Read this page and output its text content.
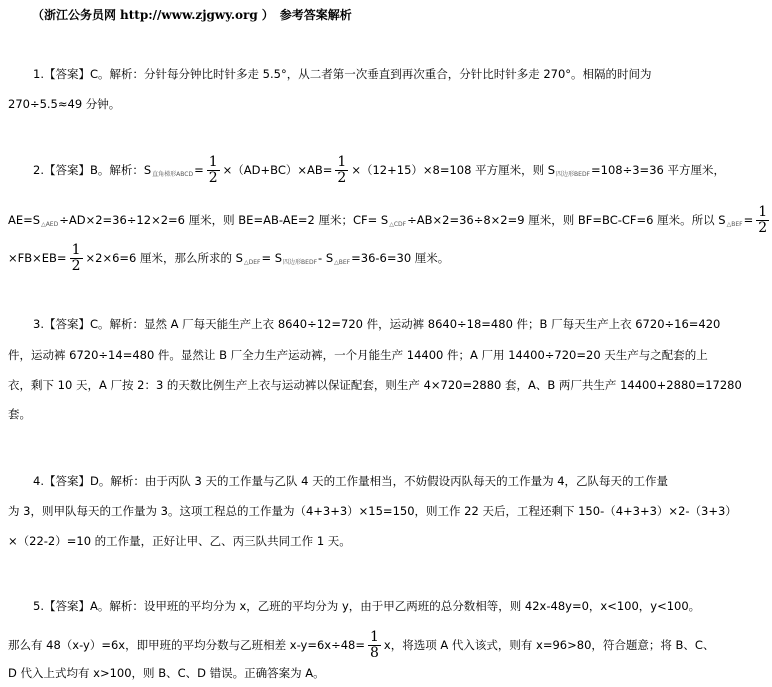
（浙江公务员网 http://www.zjgwy.org ） 参考答案解析
1.【答案】C。解析：分针每分钟比时针多走 5.5°，从二者第一次垂直到再次重合，分针比时针多走 270°。相隔的时间为
270÷5.5≈49 分钟。
2.【答案】B。解析：$S_{直角梯形ABCD}= \frac{1}{2} \times(AD+BC)\times AB= \frac{1}{2} \times(12+15)\times 8=108$ 平方厘米，则 $S_{四边形BEDF}=108\div 3=36$ 平方厘米，
$AE=S_{\triangle AED}\div AD\times 2=36\div 12\times 2=6$ 厘米，则 BE=AB-AE=2 厘米；$CF= S_{\triangle CDF}\div AB\times 2=36\div 8\times 2=9$ 厘米，则 BF=BC-CF=6 厘米。所以 $S_{\triangle BEF}= \frac{1}{2}$
$\times FB\times EB= \frac{1}{2} \times 2\times 6=6$ 厘米，那么所求的 $S_{\triangle DEF}= S_{四边形BEDF}-$ $S_{\triangle BEF}=36-6=30$ 厘米。
3.【答案】C。解析：显然 A 厂每天能生产上衣 8640÷12=720 件，运动裤 8640÷18=480 件；B 厂每天生产上衣 6720÷16=420
件，运动裤 6720÷14=480 件。显然让 B 厂全力生产运动裤，一个月能生产 14400 件；A 厂用 14400÷720=20 天生产与之配套的上
衣，剩下 10 天，A 厂按 2：3 的天数比例生产上衣与运动裤以保证配套，则生产 4×720=2880 套，A、B 两厂共生产 14400+2880=17280
套。
4.【答案】D。解析：由于丙队 3 天的工作量与乙队 4 天的工作量相当，不妨假设丙队每天的工作量为 4，乙队每天的工作量
为 3，则甲队每天的工作量为 3。这项工程总的工作量为（4+3+3）×15=150，则工作 22 天后，工程还剩下 150-（4+3+3）×2-（3+3）
×（22-2）=10 的工作量，正好让甲、乙、丙三队共同工作 1 天。
5.【答案】A。解析：设甲班的平均分为 x，乙班的平均分为 y，由于甲乙两班的总分数相等，则 42x-48y=0，x<100，y<100。
那么有 48（x-y）=6x，即甲班的平均分数与乙班相差 $x-y=6x\div 48= \frac{1}{8}$ x，将选项 A 代入该式，则有 x=96>80，符合题意；将 B、C、
D 代入上式均有 x>100，则 B、C、D 错误。正确答案为 A。
